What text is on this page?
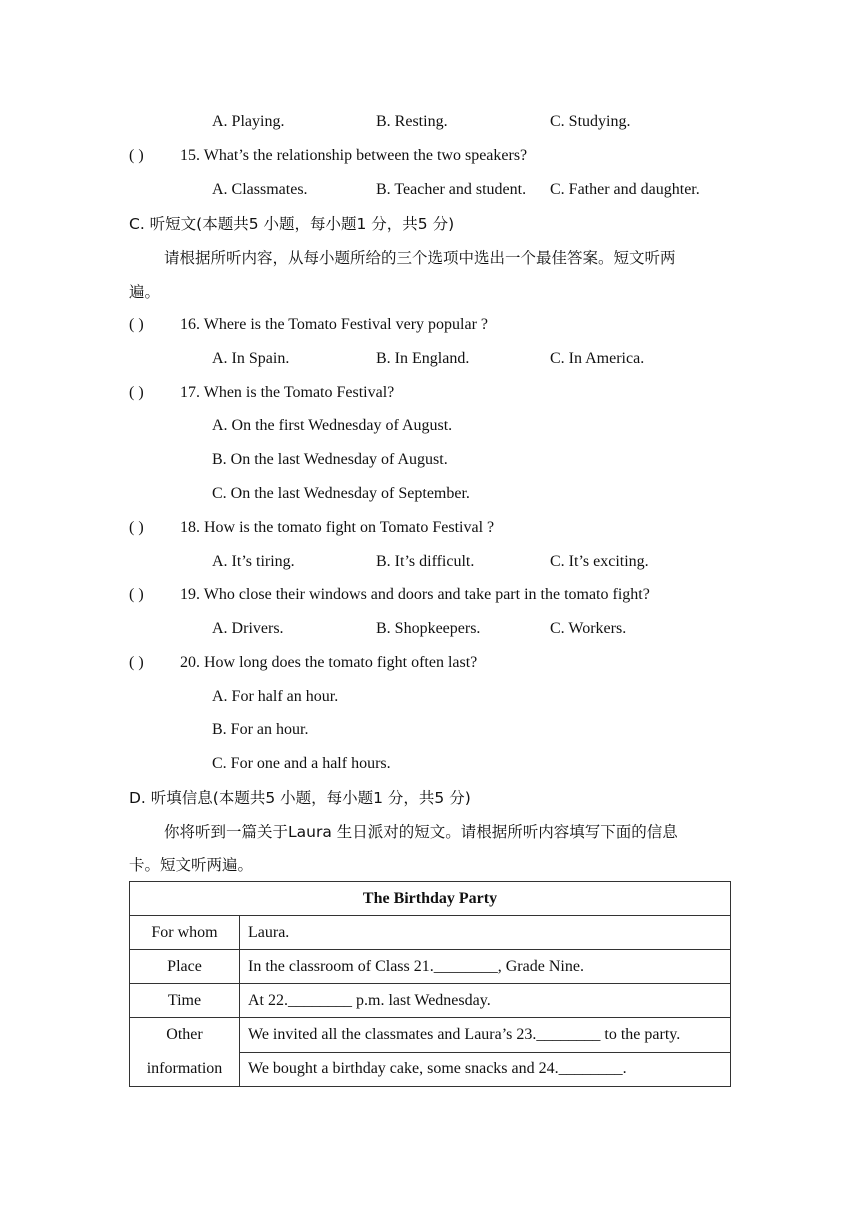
A. Playing.	B. Resting.	C. Studying.
( ) 15. What’s the relationship between the two speakers?
A. Classmates.	B. Teacher and student. C. Father and daughter.
C. 听短文(本题共5 小题，每小题1 分，共5 分)
请根据所听内容，从每小题所给的三个选项中选出一个最佳答案。短文听两
遍。
( ) 16. Where is the Tomato Festival very popular ?
A. In Spain.	B. In England.	C. In America.
( ) 17. When is the Tomato Festival?
A. On the first Wednesday of August.
B. On the last Wednesday of August.
C. On the last Wednesday of September.
( ) 18. How is the tomato fight on Tomato Festival ?
A. It’s tiring.	B. It’s difficult.	C. It’s exciting.
( ) 19. Who close their windows and doors and take part in the tomato fight?
A. Drivers.	B. Shopkeepers.	C. Workers.
( ) 20. How long does the tomato fight often last?
A. For half an hour.
B. For an hour.
C. For one and a half hours.
D. 听填信息(本题共5 小题，每小题1 分，共5 分)
你将听到一篇关于Laura 生日派对的短文。请根据所听内容填写下面的信息
卡。短文听两遍。
The Birthday Party	
For whom	Laura.
Place	In the classroom of Class 21.________, Grade Nine.
Time	At 22.________ p.m. last Wednesday.
Other
information	We invited all the classmates and Laura’s 23.________ to the party.
	We bought a birthday cake, some snacks and 24.________.
